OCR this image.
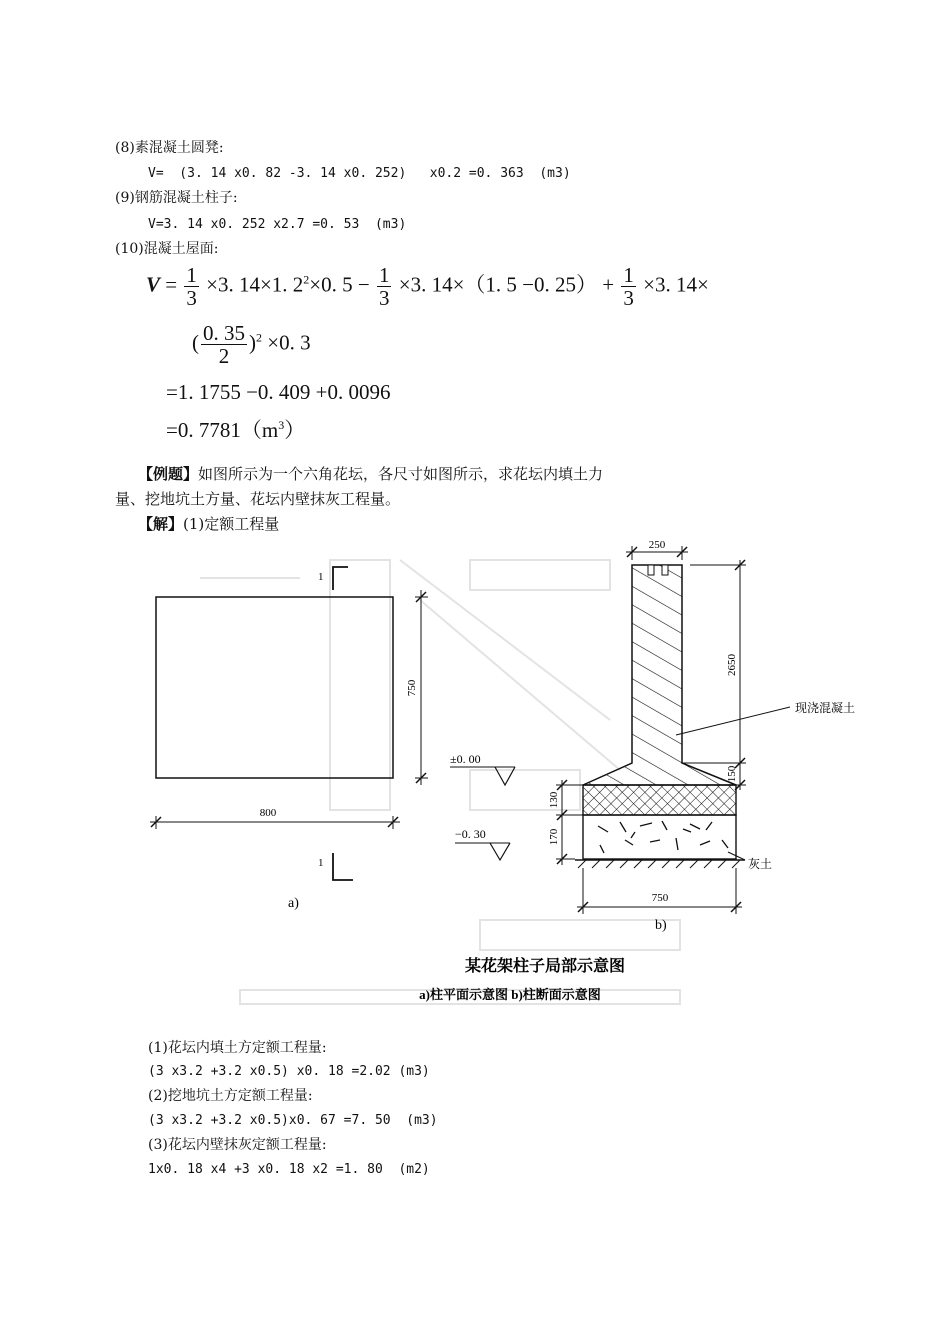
(8)素混凝土圆凳:
V=  (3. 14 x0. 82 -3. 14 x0. 252)   x0.2 =0. 363  (m3)
(9)钢筋混凝土柱子:
V=3. 14 x0. 252 x2.7 =0. 53  (m3)
(10)混凝土屋面:
$V = \frac{1}{3} \times 3$. 14×1. $2^2\times 0$. $5 - \frac{1}{3} \times 3$. 14×（1. 5 −0. $25) + \frac{1}{3} \times 3$. 14×
( $\frac{0. 35}{2} )^2 \times 0$. 3
=1. 1755 −0. 409 +0. 0096
=0. $7781(m^3)$
【例题】如图所示为一个六角花坛，各尺寸如图所示，求花坛内填土力
量、挖地坑土方量、花坛内壁抹灰工程量。
【解】(1)定额工程量
1
1
750
800
a)
250
2650
150
130
170
750
b)
±0. 00
−0. 30
现浇混凝土
灰土
某花架柱子局部示意图
a)柱平面示意图 b)柱断面示意图
(1)花坛内填土方定额工程量:
(3 x3.2 +3.2 x0.5) x0. 18 =2.02 (m3)
(2)挖地坑土方定额工程量:
(3 x3.2 +3.2 x0.5)x0. 67 =7. 50  (m3)
(3)花坛内壁抹灰定额工程量:
1x0. 18 x4 +3 x0. 18 x2 =1. 80  (m2)
